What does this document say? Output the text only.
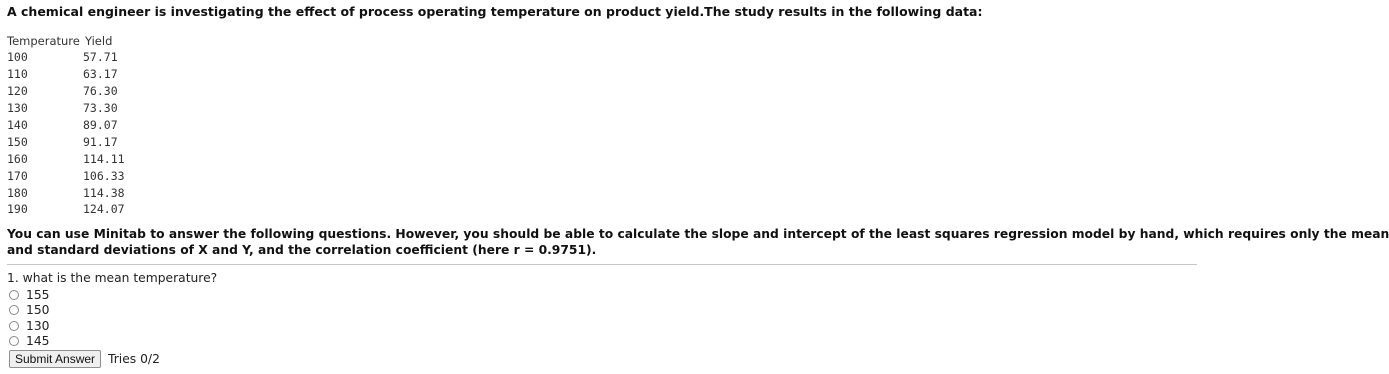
A chemical engineer is investigating the effect of process operating temperature on product yield.The study results in the following data:
Temperature	Yield
100	57.71
110	63.17
120	76.30
130	73.30
140	89.07
150	91.17
160	114.11
170	106.33
180	114.38
190	124.07
You can use Minitab to answer the following questions. However, you should be able to calculate the slope and intercept of the least squares regression model by hand, which requires only the mean
and standard deviations of X and Y, and the correlation coefficient (here r = 0.9751).
1. what is the mean temperature?
155
150
130
145
Submit Answer	Tries 0/2
